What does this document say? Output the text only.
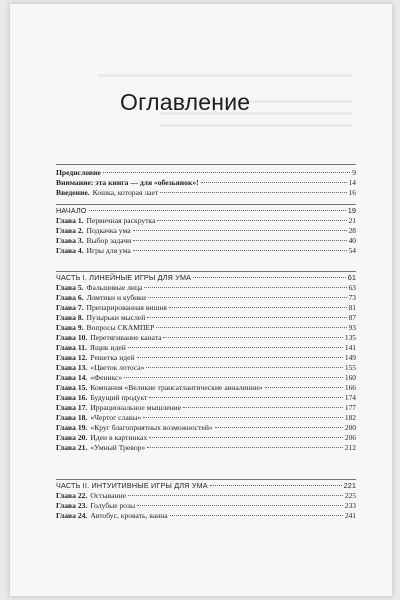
Оглавление
Предисловие	9
Внимание: эта книга — для «обезьянок»!	14
Введение. Кошка, которая лает	16
НАЧАЛО	19
Глава 1. Первичная раскрутка	21
Глава 2. Подкачка ума	28
Глава 3. Выбор задачи	40
Глава 4. Игры для ума	54
ЧАСТЬ I. ЛИНЕЙНЫЕ ИГРЫ ДЛЯ УМА	61
Глава 5. Фальшивые лица	63
Глава 6. Ломтики и кубики	73
Глава 7. Препарированная вишня	81
Глава 8. Пузырьки мыслей	87
Глава 9. Вопросы СКАМПЕР	93
Глава 10. Перетягивание каната	135
Глава 11. Ящик идей	141
Глава 12. Решетка идей	149
Глава 13. «Цветок лотоса»	155
Глава 14. «Феникс»	160
Глава 15. Компания «Великие трансатлантические авиалинии»	166
Глава 16. Будущий продукт	174
Глава 17. Иррациональное мышление	177
Глава 18. «Чертог славы»	182
Глава 19. «Круг благоприятных возможностей»	200
Глава 20. Идеи в картинках	206
Глава 21. «Умный Тревор»	212
ЧАСТЬ II. ИНТУИТИВНЫЕ ИГРЫ ДЛЯ УМА	221
Глава 22. Остывание	225
Глава 23. Голубые розы	233
Глава 24. Автобус, кровать, ванна	241
